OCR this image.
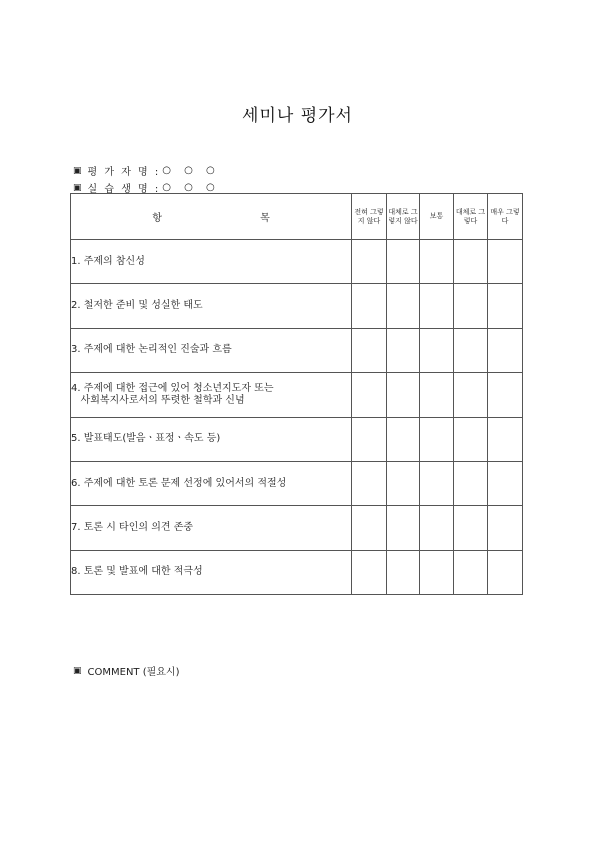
세미나 평가서
▣ 평 가 자 명 : ○ ○ ○
▣ 실 습 생 명 : ○ ○ ○
항 목	전혀 그렇지 않다	대체로 그렇지 않다	보통	대체로 그렇다	매우 그렇다

1. 주제의 참신성					

2. 철저한 준비 및 성실한 태도					

3. 주제에 대한 논리적인 진술과 흐름					

4. 주제에 대한 접근에 있어 청소년지도자 또는
사회복지사로서의 뚜렷한 철학과 신념					

5. 발표태도(발음ㆍ표정ㆍ속도 등)					

6. 주제에 대한 토론 문제 선정에 있어서의 적절성					

7. 토론 시 타인의 의견 존중					

8. 토론 및 발표에 대한 적극성					

▣ COMMENT (필요시)
